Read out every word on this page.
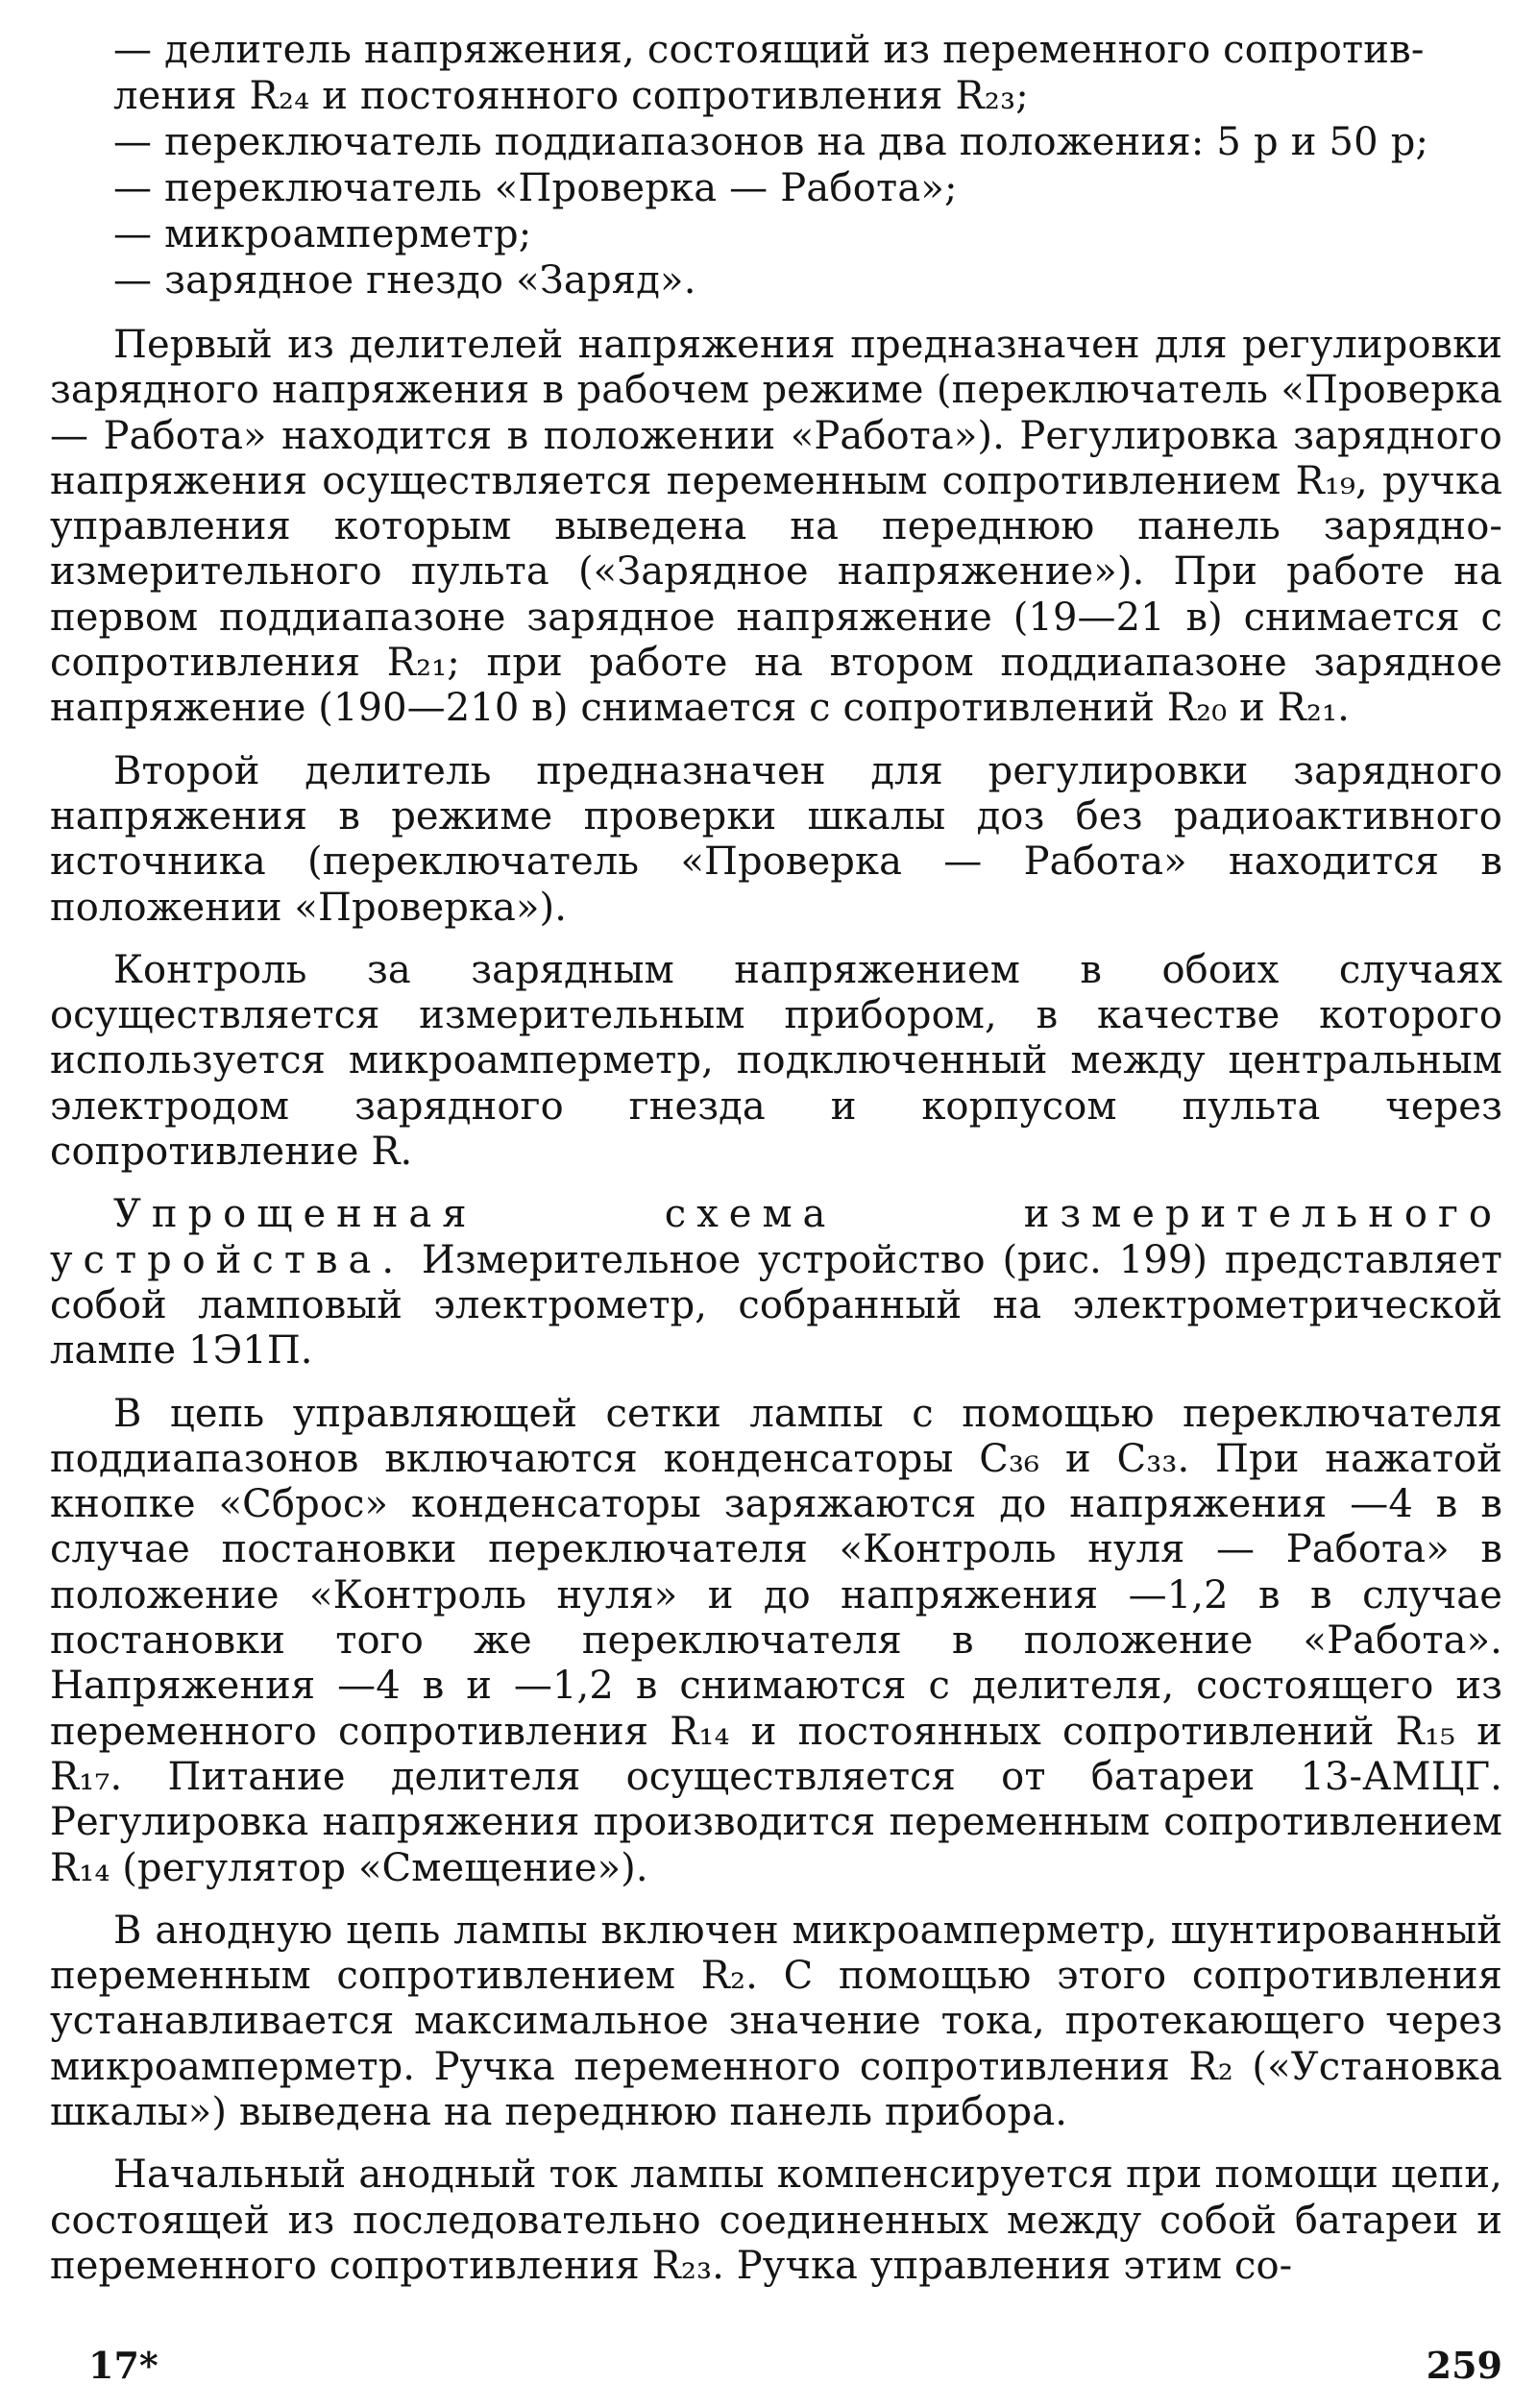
— делитель напряжения, состоящий из переменного сопротив-
ления R₂₄ и постоянного сопротивления R₂₃;
— переключатель поддиапазонов на два положения: 5 р и 50 р;
— переключатель «Проверка — Работа»;
— микроамперметр;
— зарядное гнездо «Заряд».

Первый из делителей напряжения предназначен для регулировки зарядного напряжения в рабочем режиме (переключатель «Проверка — Работа» находится в положении «Работа»). Регулировка зарядного напряжения осуществляется переменным сопротивлением R₁₉, ручка управления которым выведена на переднюю панель зарядно-измерительного пульта («Зарядное напряжение»). При работе на первом поддиапазоне зарядное напряжение (19—21 в) снимается с сопротивления R₂₁; при работе на втором поддиапазоне зарядное напряжение (190—210 в) снимается с сопротивлений R₂₀ и R₂₁.

Второй делитель предназначен для регулировки зарядного напряжения в режиме проверки шкалы доз без радиоактивного источника (переключатель «Проверка — Работа» находится в положении «Проверка»).

Контроль за зарядным напряжением в обоих случаях осуществляется измерительным прибором, в качестве которого используется микроамперметр, подключенный между центральным электродом зарядного гнезда и корпусом пульта через сопротивление R.

Упрощенная схема измерительного устройства. Измерительное устройство (рис. 199) представляет собой ламповый электрометр, собранный на электрометрической лампе 1Э1П.

В цепь управляющей сетки лампы с помощью переключателя поддиапазонов включаются конденсаторы С₃₆ и С₃₃. При нажатой кнопке «Сброс» конденсаторы заряжаются до напряжения —4 в в случае постановки переключателя «Контроль нуля — Работа» в положение «Контроль нуля» и до напряжения —1,2 в в случае постановки того же переключателя в положение «Работа». Напряжения —4 в и —1,2 в снимаются с делителя, состоящего из переменного сопротивления R₁₄ и постоянных сопротивлений R₁₅ и R₁₇. Питание делителя осуществляется от батареи 13-АМЦГ. Регулировка напряжения производится переменным сопротивлением R₁₄ (регулятор «Смещение»).

В анодную цепь лампы включен микроамперметр, шунтированный переменным сопротивлением R₂. С помощью этого сопротивления устанавливается максимальное значение тока, протекающего через микроамперметр. Ручка переменного сопротивления R₂ («Установка шкалы») выведена на переднюю панель прибора.

Начальный анодный ток лампы компенсируется при помощи цепи, состоящей из последовательно соединенных между собой батареи и переменного сопротивления R₂₃. Ручка управления этим со-

17*	259
